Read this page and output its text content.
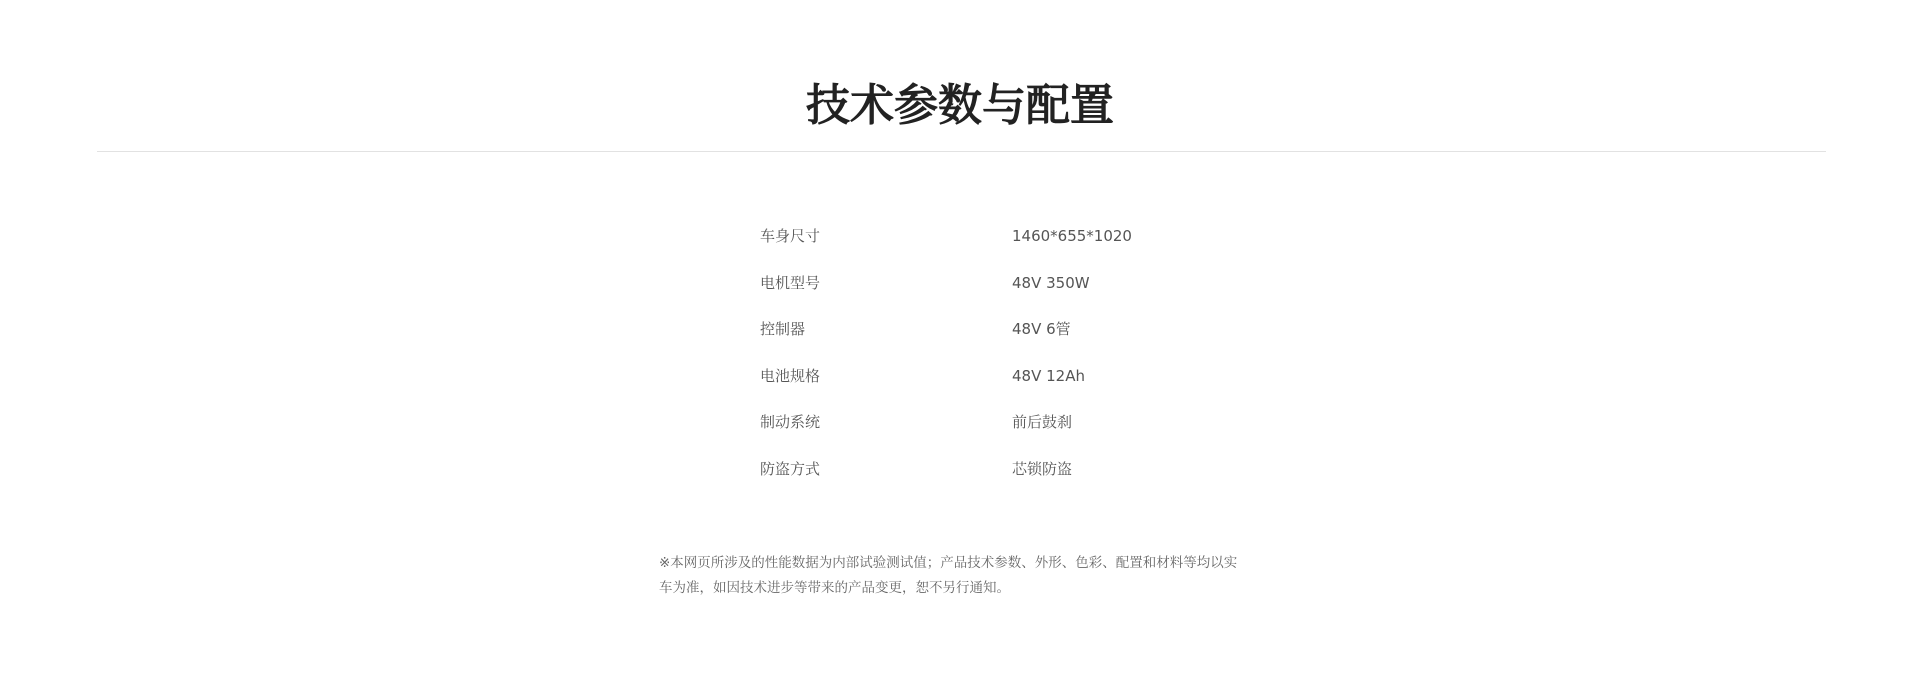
技术参数与配置
车身尺寸	1460*655*1020
电机型号	48V 350W
控制器	48V 6管
电池规格	48V 12Ah
制动系统	前后鼓刹
防盗方式	芯锁防盗
※本网页所涉及的性能数据为内部试验测试值；产品技术参数、外形、色彩、配置和材料等均以实
车为准，如因技术进步等带来的产品变更，恕不另行通知。
